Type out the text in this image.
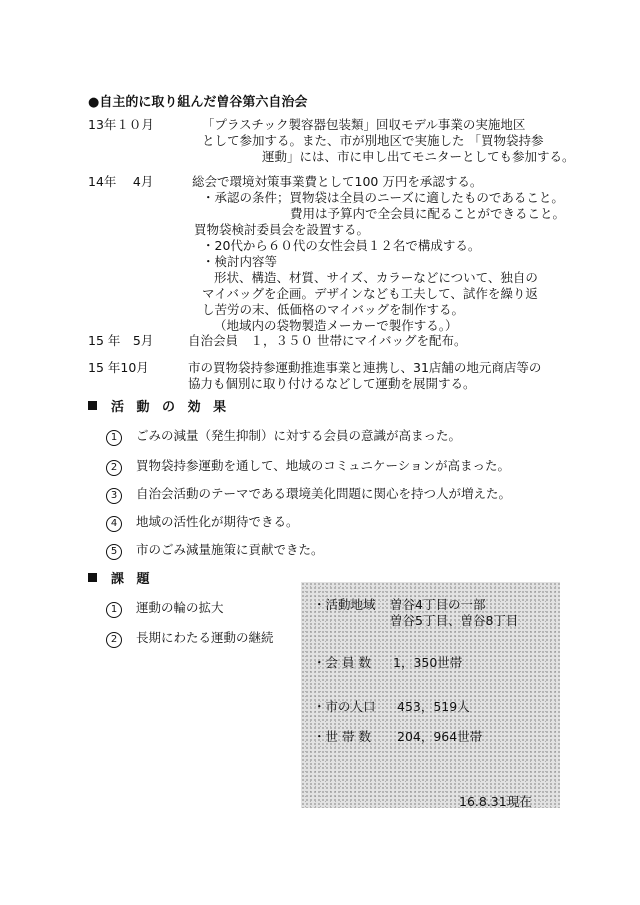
●自主的に取り組んだ曽谷第六自治会
13年１０月	「プラスチック製容器包装類」回収モデル事業の実施地区
として参加する。また、市が別地区で実施した 「買物袋持参
運動」には、市に申し出てモニターとしても参加する。
14年　 4月	総会で環境対策事業費として100 万円を承認する。
・承認の条件；買物袋は全員のニーズに適したものであること。
費用は予算内で全会員に配ることができること。
買物袋検討委員会を設置する。
・20代から６０代の女性会員１２名で構成する。
・検討内容等
形状、構造、材質、サイズ、カラーなどについて、独自の
マイバッグを企画。デザインなども工夫して、試作を繰り返
し苦労の末、低価格のマイバッグを制作する。
（地域内の袋物製造メーカーで製作する。）
15 年　5月	自治会員　１，３５０ 世帯にマイバッグを配布。
15 年10月	市の買物袋持参運動推進事業と連携し、31店舗の地元商店等の
協力も個別に取り付けるなどして運動を展開する。
活 動 の 効 果
1 ごみの減量（発生抑制）に対する会員の意識が高まった。
2 買物袋持参運動を通して、地域のコミュニケーションが高まった。
3 自治会活動のテーマである環境美化問題に関心を持つ人が増えた。
4 地域の活性化が期待できる。
5 市のごみ減量施策に貢献できた。
課 題
1 運動の輪の拡大
2 長期にわたる運動の継続
・活動地域 曽谷4丁目の一部
曽谷5丁目、曽谷8丁目
・会 員 数 1，350世帯
・市の人口 453，519人
・世 帯 数 204，964世帯
16.8.31現在
